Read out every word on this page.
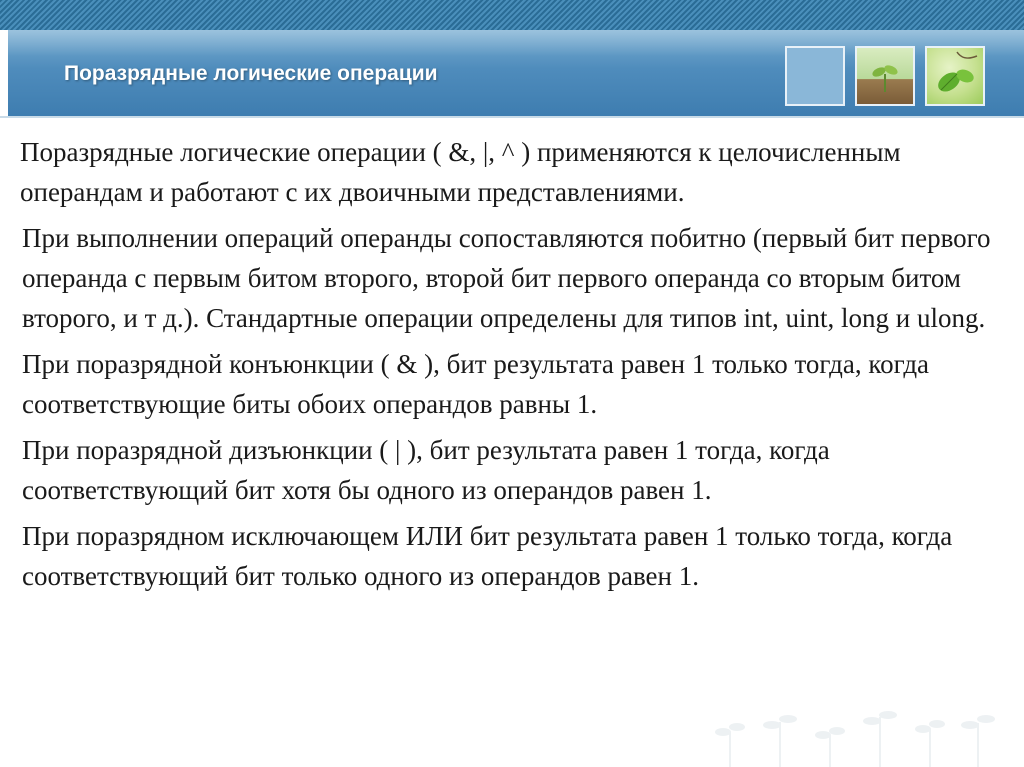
Поразрядные логические операции

Поразрядные логические операции ( &, |, ^ ) применяются к целочисленным операндам и работают с их двоичными представлениями.

При выполнении операций операнды сопоставляются побитно (первый бит первого операнда с первым битом второго, второй бит первого операнда со вторым битом второго, и т д.). Стандартные операции определены для типов int, uint, long и ulong.

При поразрядной конъюнкции ( & ), бит результата равен 1 только тогда, когда соответствующие биты обоих операндов равны 1.

При поразрядной дизъюнкции ( | ), бит результата равен 1 тогда, когда соответствующий бит хотя бы одного из операндов равен 1.

При поразрядном исключающем ИЛИ бит результата равен 1 только тогда, когда соответствующий бит только одного из операндов равен 1.
